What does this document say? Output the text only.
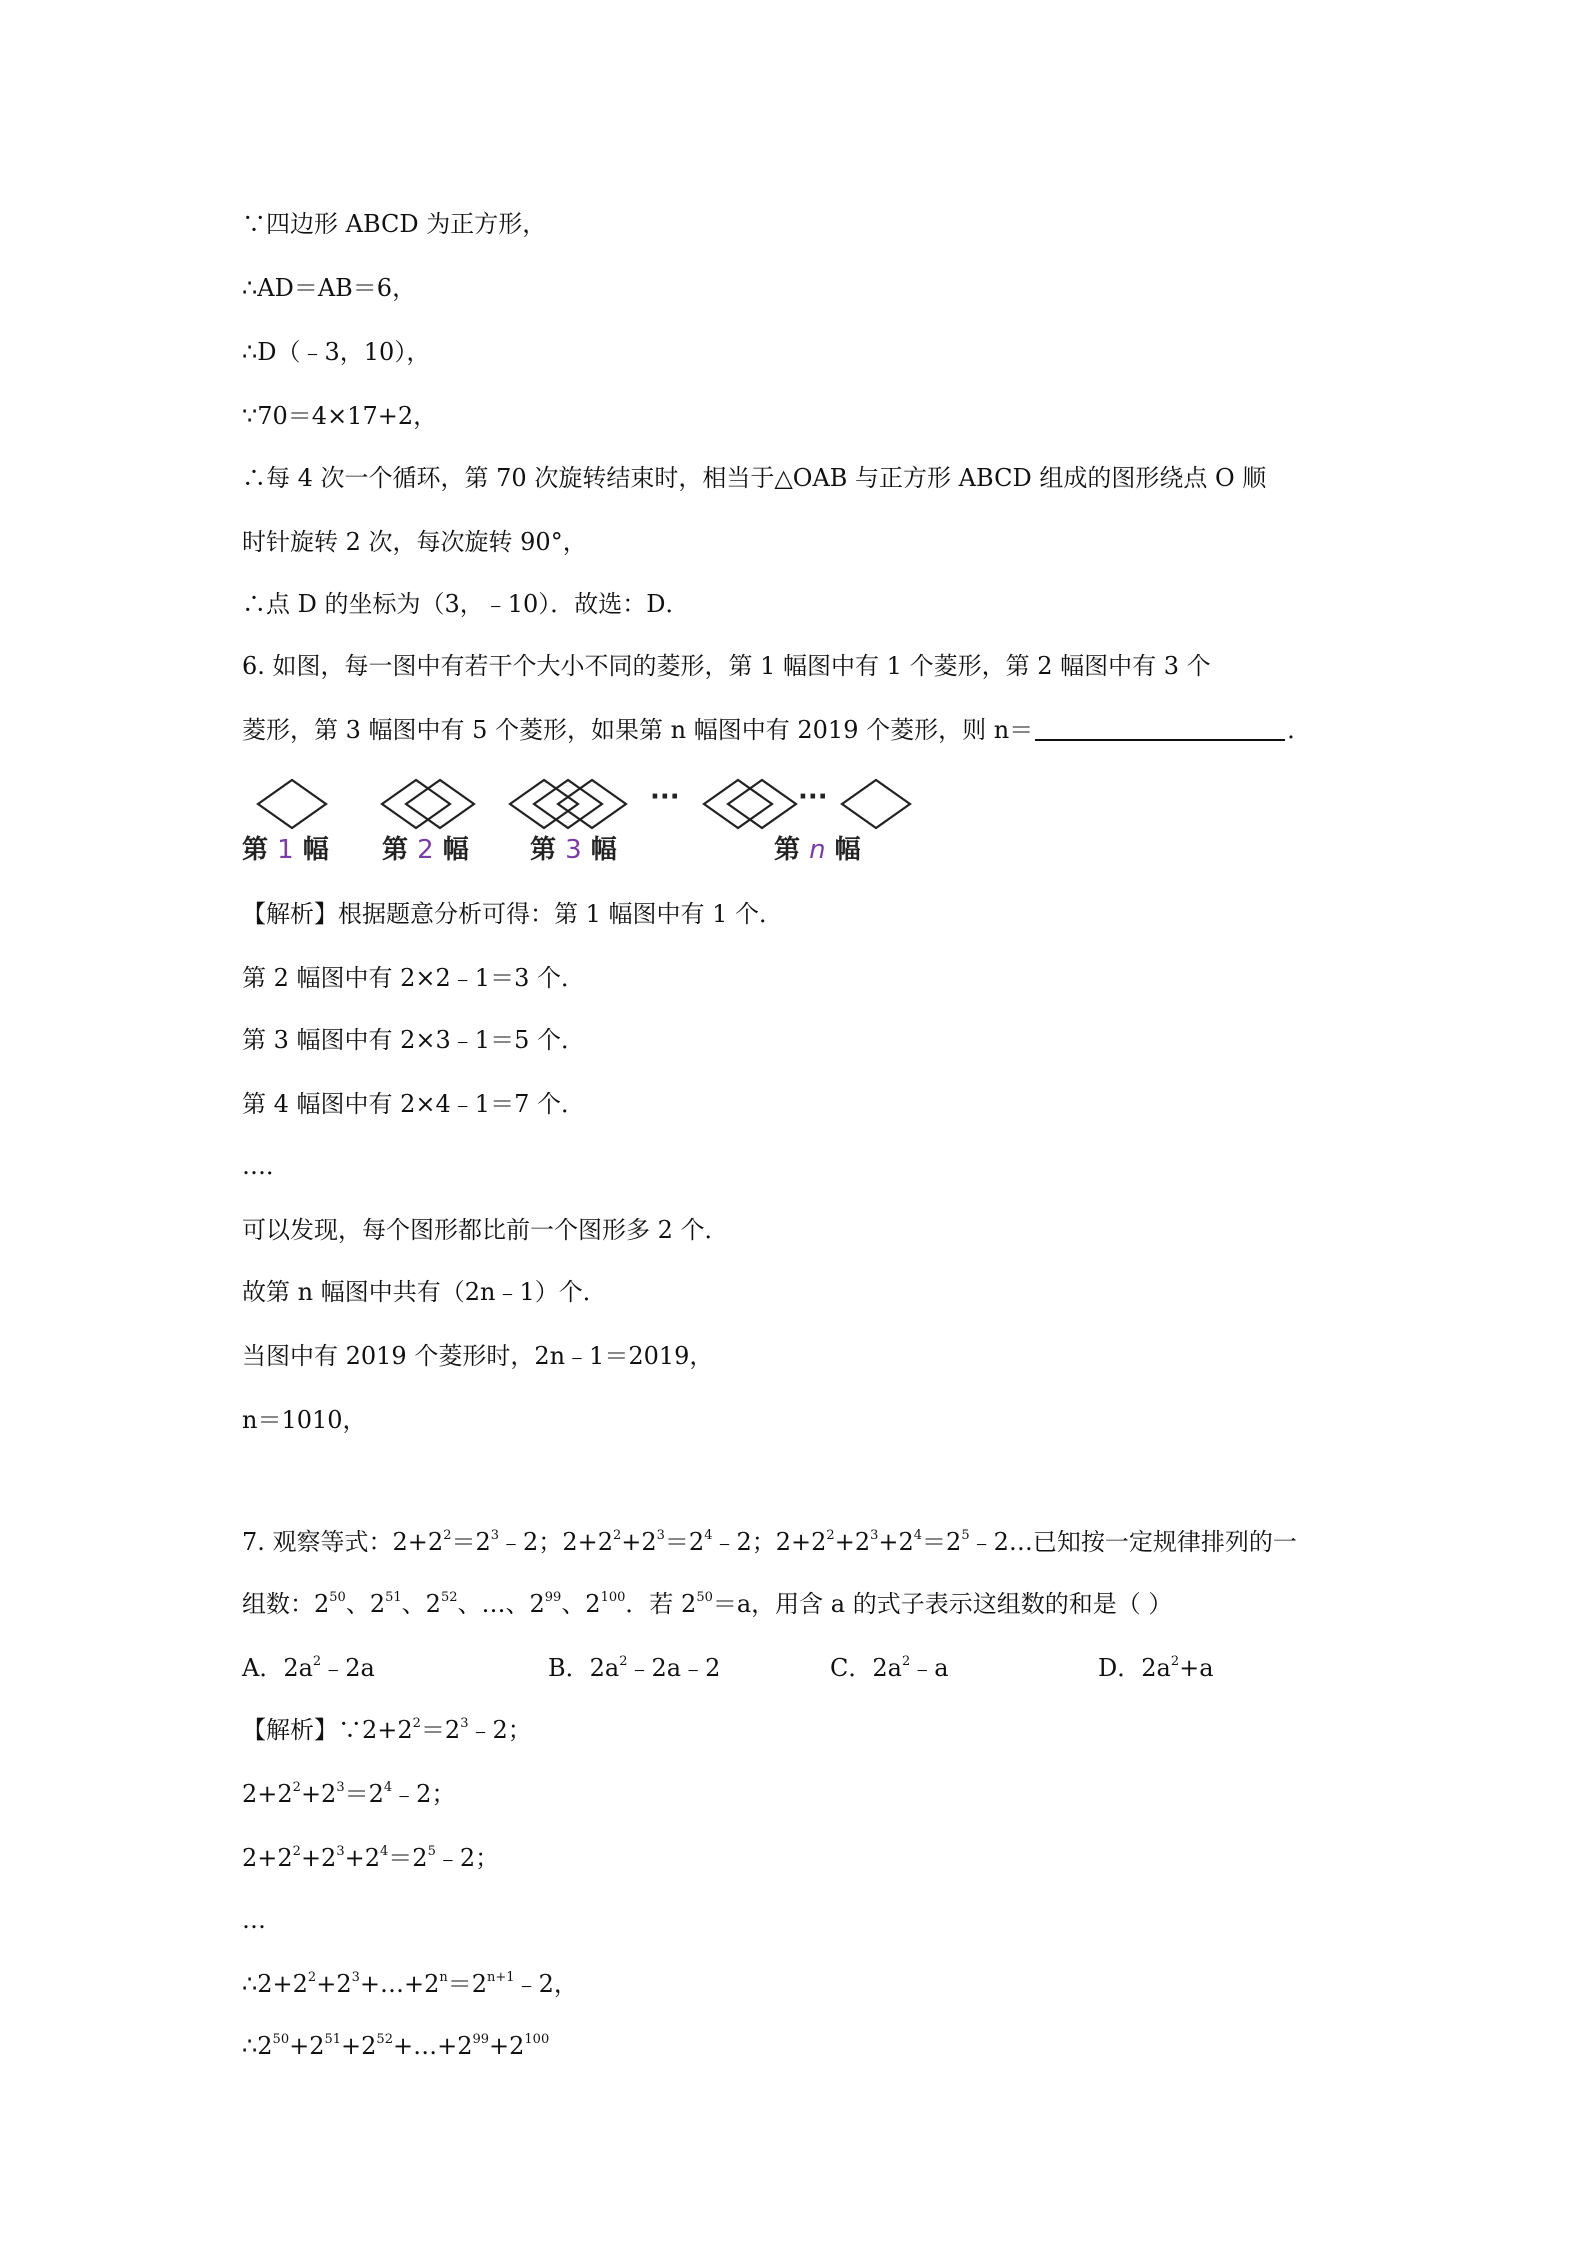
∵四边形 ABCD 为正方形，
∴AD＝AB＝6，
∴D（﹣3，10），
∵70＝4×17+2，
∴每 4 次一个循环，第 70 次旋转结束时，相当于△OAB 与正方形 ABCD 组成的图形绕点 O 顺
时针旋转 2 次，每次旋转 90°，
∴点 D 的坐标为（3，﹣10）．故选：D．
6. 如图，每一图中有若干个大小不同的菱形，第 1 幅图中有 1 个菱形，第 2 幅图中有 3 个
菱形，第 3 幅图中有 5 个菱形，如果第 n 幅图中有 2019 个菱形，则 n＝	．
···	···
第 1 幅 第 2 幅 第 3 幅	第 n 幅
【解析】根据题意分析可得：第 1 幅图中有 1 个．
第 2 幅图中有 2×2﹣1＝3 个．
第 3 幅图中有 2×3﹣1＝5 个．
第 4 幅图中有 2×4﹣1＝7 个．
…．
可以发现，每个图形都比前一个图形多 2 个．
故第 n 幅图中共有（2n﹣1）个．
当图中有 2019 个菱形时，2n﹣1＝2019，
n＝1010，
7. 观察等式：$2+2^2=2^3﹣2$；$2+2^2+2^3=2^4﹣2$；$2+2^2+2^3+2^4=2^5﹣2\dots$已知按一定规律排列的一
组数：$2^{50}$、$2^{51}$、$2^{52}$、…、$2^{99}$、$2^{100}$．若 $2^{50}=a$，用含 a 的式子表示这组数的和是（ ）
A．$2a^2﹣2a$	B．$2a^2﹣2a﹣2$	C．$2a^2﹣a$	D．$2a^2+a$
【解析】$\because 2+2^2=2^3﹣2$；
$2+2^2+2^3=2^4﹣2$；
$2+2^2+2^3+2^4=2^5﹣2$；
…
$\therefore 2+2^2+2^3+\dots+2^n=2^{n+1}﹣2$，
$\therefore 2^{50}+2^{51}+2^{52}+\dots+2^{99}+2^{100}$
